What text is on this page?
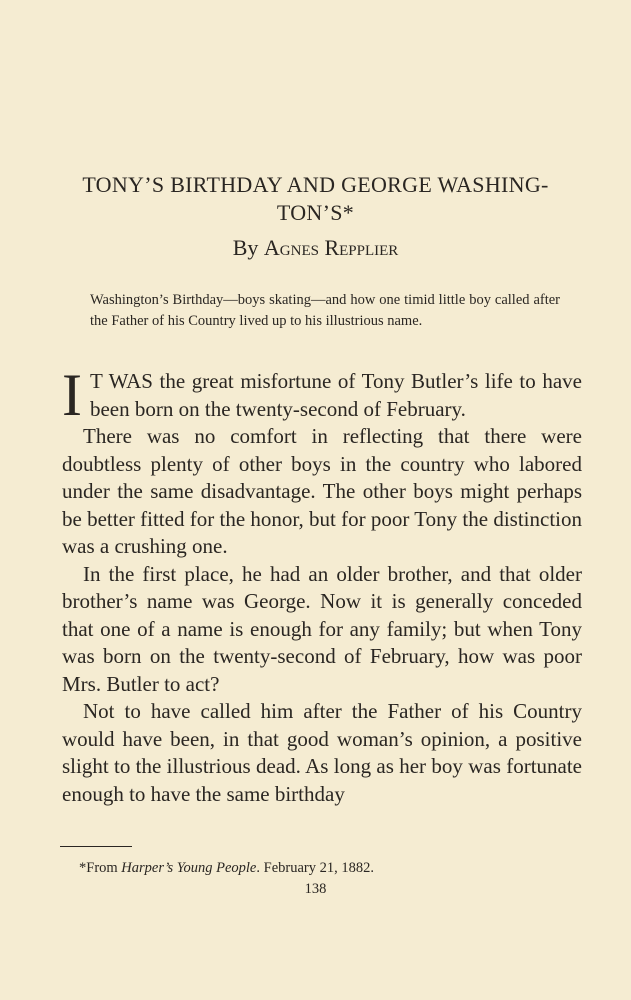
TONY’S BIRTHDAY AND GEORGE WASHING-
TON’S*
By Agnes Repplier
Washington’s Birthday—boys skating—and how one timid little boy called after the Father of his Country lived up to his illustrious name.

I T WAS the great misfortune of Tony Butler’s life to have been born on the twenty-second of February.

There was no comfort in reflecting that there were doubtless plenty of other boys in the country who labored under the same disadvantage. The other boys might perhaps be better fitted for the honor, but for poor Tony the distinction was a crushing one.

In the first place, he had an older brother, and that older brother’s name was George. Now it is generally conceded that one of a name is enough for any family; but when Tony was born on the twenty-second of February, how was poor Mrs. Butler to act?

Not to have called him after the Father of his Country would have been, in that good woman’s opinion, a positive slight to the illustrious dead. As long as her boy was fortunate enough to have the same birthday

*From Harper’s Young People. February 21, 1882.
138
